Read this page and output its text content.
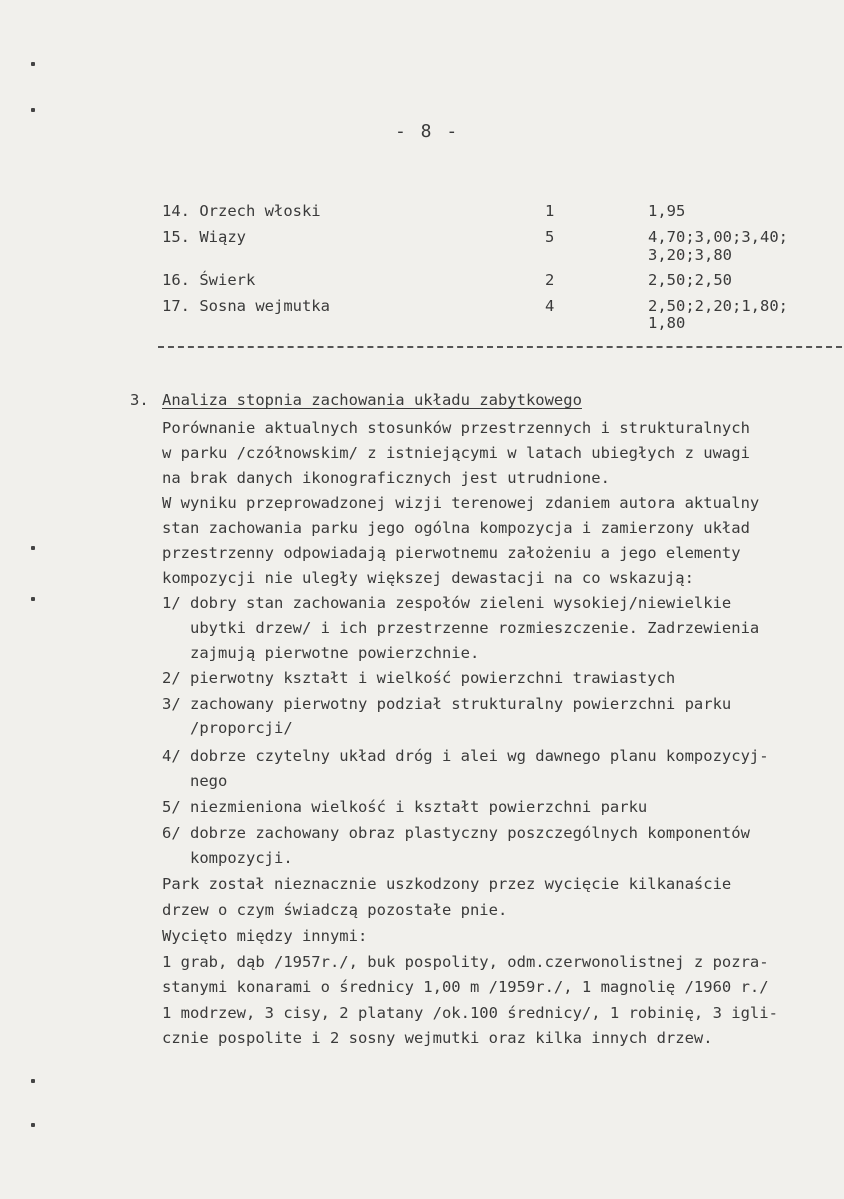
- 8 -
14. Orzech włoski	1	1,95
15. Wiązy	5	4,70;3,00;3,40;
3,20;3,80
16. Świerk	2	2,50;2,50
17. Sosna wejmutka	4	2,50;2,20;1,80;
1,80
3. Analiza stopnia zachowania układu zabytkowego
Porównanie aktualnych stosunków przestrzennych i strukturalnych
w parku /czółnowskim/ z istniejącymi w latach ubiegłych z uwagi
na brak danych ikonograficznych jest utrudnione.
W wyniku przeprowadzonej wizji terenowej zdaniem autora aktualny
stan zachowania parku jego ogólna kompozycja i zamierzony układ
przestrzenny odpowiadają pierwotnemu założeniu a jego elementy
kompozycji nie uległy większej dewastacji na co wskazują:
1/ dobry stan zachowania zespołów zieleni wysokiej/niewielkie
ubytki drzew/ i ich przestrzenne rozmieszczenie. Zadrzewienia
zajmują pierwotne powierzchnie.
2/ pierwotny kształt i wielkość powierzchni trawiastych
3/ zachowany pierwotny podział strukturalny powierzchni parku
/proporcji/
4/ dobrze czytelny układ dróg i alei wg dawnego planu kompozycyj-
nego
5/ niezmieniona wielkość i kształt powierzchni parku
6/ dobrze zachowany obraz plastyczny poszczególnych komponentów
kompozycji.
Park został nieznacznie uszkodzony przez wycięcie kilkanaście
drzew o czym świadczą pozostałe pnie.
Wycięto między innymi:
1 grab, dąb /1957r./, buk pospolity, odm.czerwonolistnej z pozra-
stanymi konarami o średnicy 1,00 m /1959r./, 1 magnolię /1960 r./
1 modrzew, 3 cisy, 2 platany /ok.100 średnicy/, 1 robinię, 3 igli-
cznie pospolite i 2 sosny wejmutki oraz kilka innych drzew.
